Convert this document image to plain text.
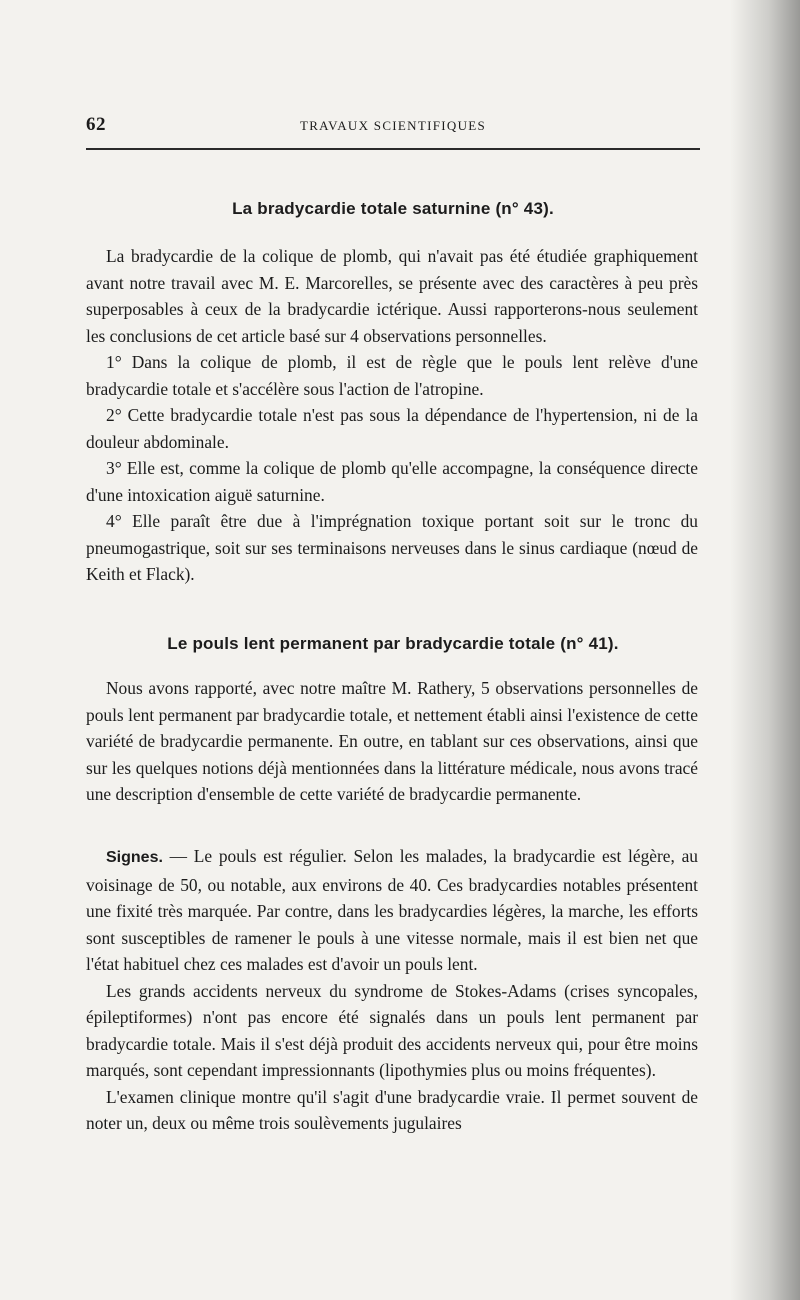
62	TRAVAUX SCIENTIFIQUES
La bradycardie totale saturnine (n° 43).

La bradycardie de la colique de plomb, qui n'avait pas été étudiée graphiquement avant notre travail avec M. E. Marcorelles, se présente avec des caractères à peu près superposables à ceux de la bradycardie ictérique. Aussi rapporterons-nous seulement les conclusions de cet article basé sur 4 observations personnelles.

1° Dans la colique de plomb, il est de règle que le pouls lent relève d'une bradycardie totale et s'accélère sous l'action de l'atropine.

2° Cette bradycardie totale n'est pas sous la dépendance de l'hypertension, ni de la douleur abdominale.

3° Elle est, comme la colique de plomb qu'elle accompagne, la conséquence directe d'une intoxication aiguë saturnine.

4° Elle paraît être due à l'imprégnation toxique portant soit sur le tronc du pneumogastrique, soit sur ses terminaisons nerveuses dans le sinus cardiaque (nœud de Keith et Flack).

Le pouls lent permanent par bradycardie totale (n° 41).

Nous avons rapporté, avec notre maître M. Rathery, 5 observations personnelles de pouls lent permanent par bradycardie totale, et nettement établi ainsi l'existence de cette variété de bradycardie permanente. En outre, en tablant sur ces observations, ainsi que sur les quelques notions déjà mentionnées dans la littérature médicale, nous avons tracé une description d'ensemble de cette variété de bradycardie permanente.

Signes. — Le pouls est régulier. Selon les malades, la bradycardie est légère, au voisinage de 50, ou notable, aux environs de 40. Ces bradycardies notables présentent une fixité très marquée. Par contre, dans les bradycardies légères, la marche, les efforts sont susceptibles de ramener le pouls à une vitesse normale, mais il est bien net que l'état habituel chez ces malades est d'avoir un pouls lent.

Les grands accidents nerveux du syndrome de Stokes-Adams (crises syncopales, épileptiformes) n'ont pas encore été signalés dans un pouls lent permanent par bradycardie totale. Mais il s'est déjà produit des accidents nerveux qui, pour être moins marqués, sont cependant impressionnants (lipothymies plus ou moins fréquentes).

L'examen clinique montre qu'il s'agit d'une bradycardie vraie. Il permet souvent de noter un, deux ou même trois soulèvements jugulaires
